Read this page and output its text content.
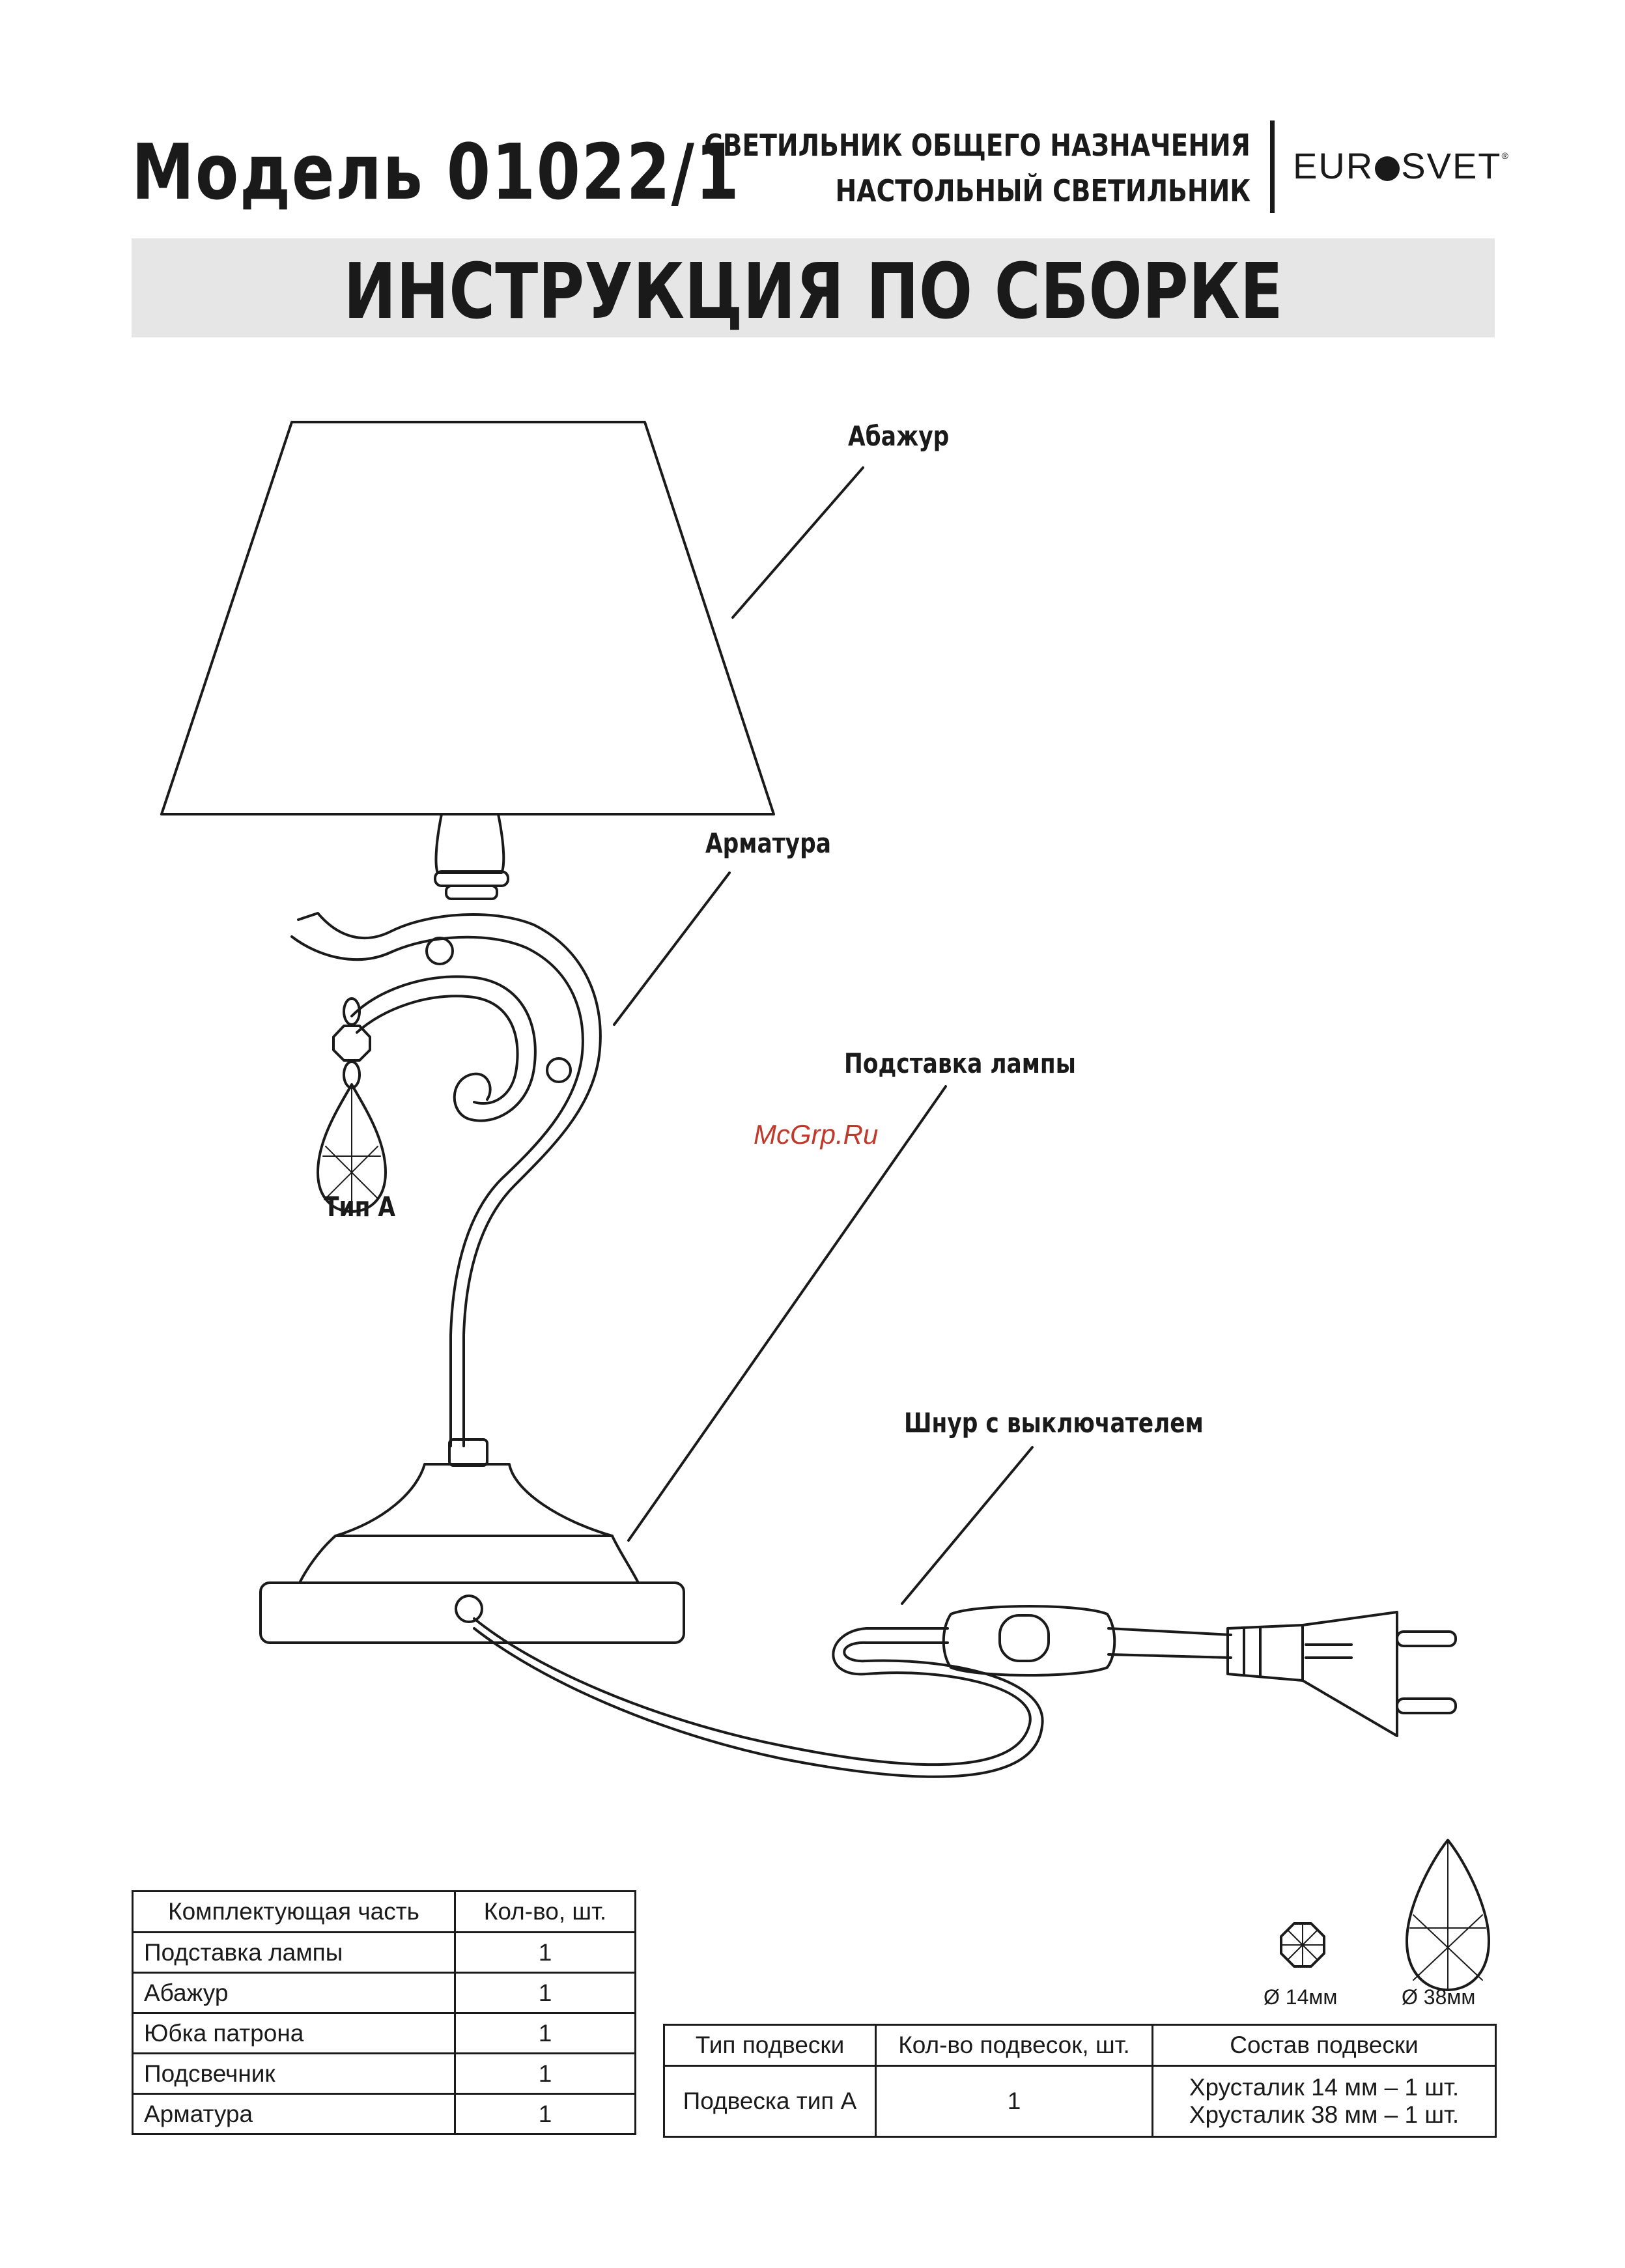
Модель 01022/1
СВЕТИЛЬНИК ОБЩЕГО НАЗНАЧЕНИЯ
НАСТОЛЬНЫЙ СВЕТИЛЬНИК
EUR SVET®
ИНСТРУКЦИЯ ПО СБОРКЕ
Абажур
Арматура
Подставка лампы
Тип А
Шнур с выключателем
McGrp.Ru
Комплектующая часть	Кол-во, шт.
Подставка лампы	1
Абажур	1
Юбка патрона	1
Подсвечник	1
Арматура	1
Ø 14мм	Ø 38мм
Тип подвески	Кол-во подвесок, шт.	Состав подвески
Подвеска тип А	1	Хрусталик 14 мм – 1 шт.
Хрусталик 38 мм – 1 шт.
